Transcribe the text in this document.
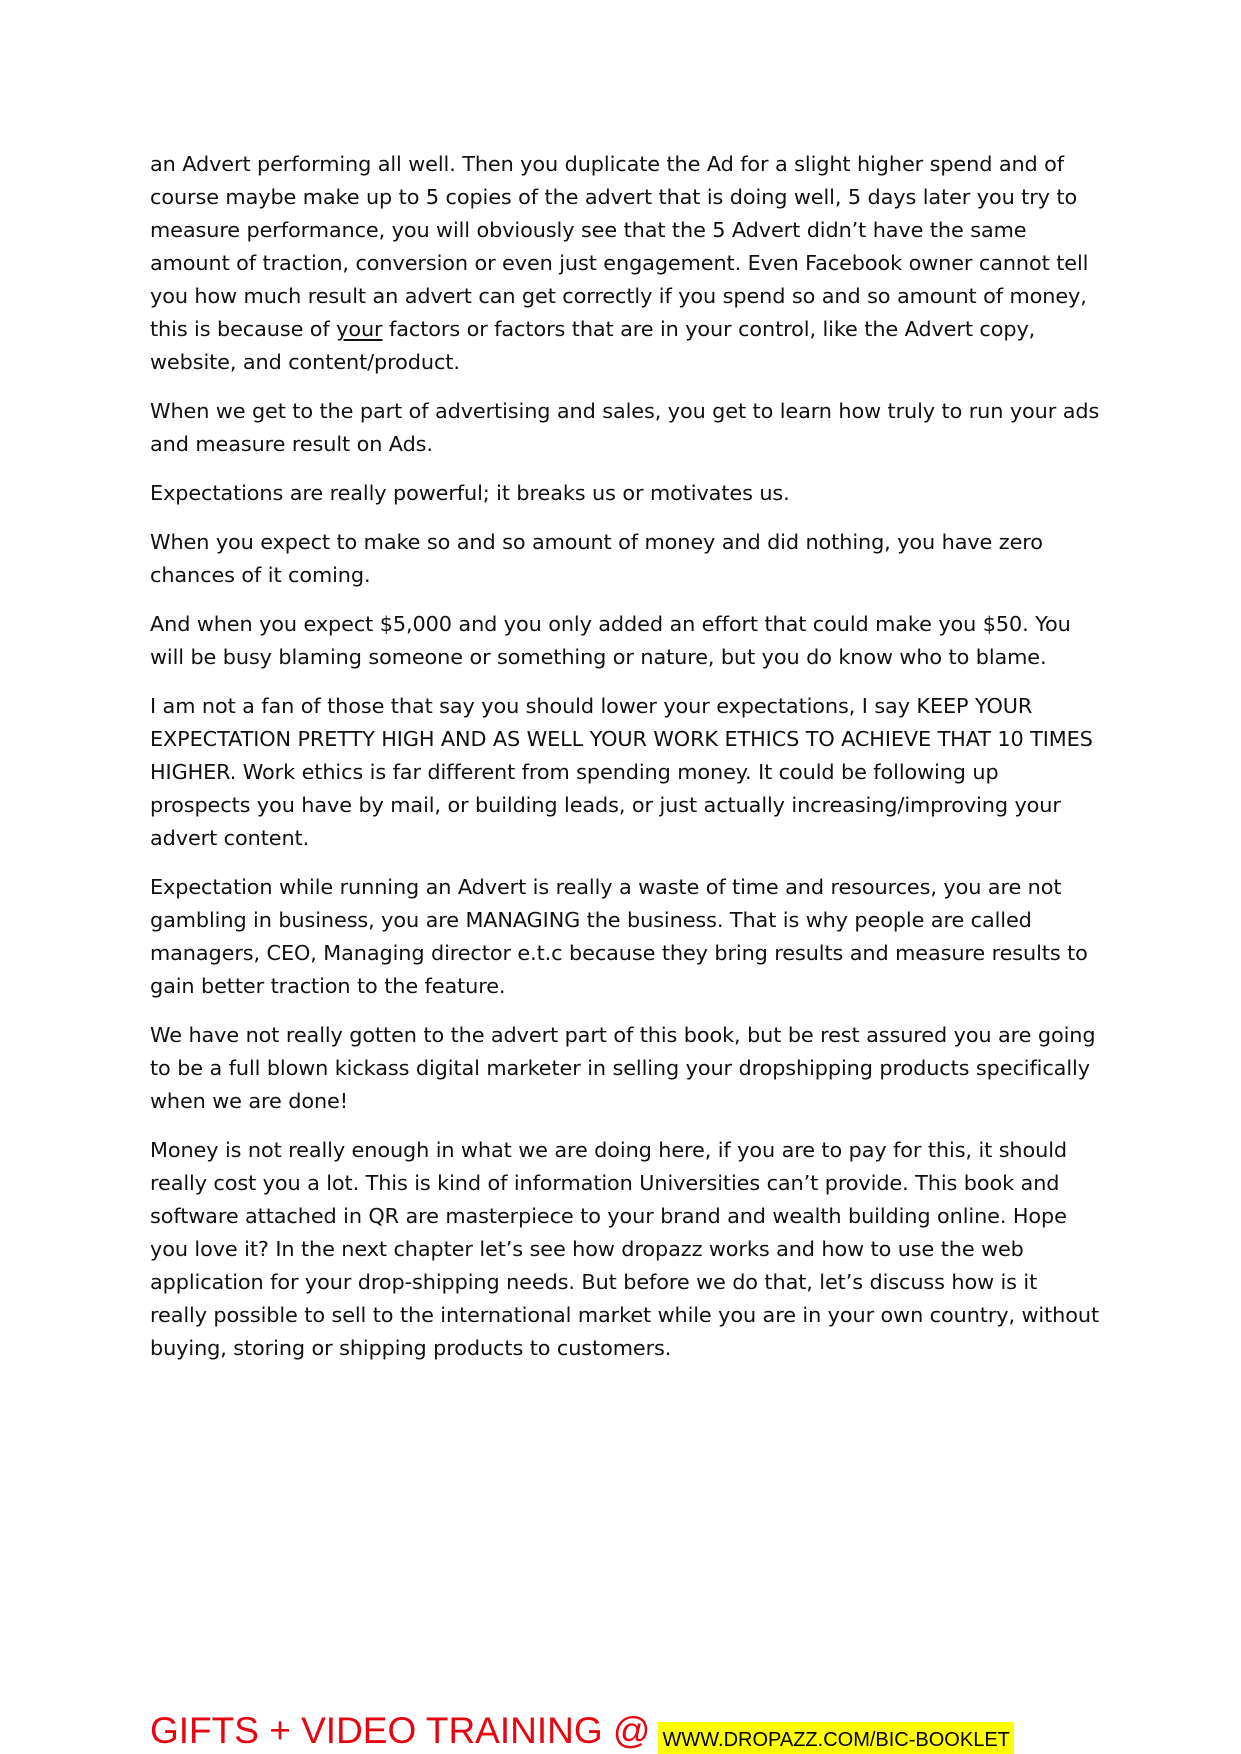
an Advert performing all well. Then you duplicate the Ad for a slight higher spend and of course maybe make up to 5 copies of the advert that is doing well, 5 days later you try to measure performance, you will obviously see that the 5 Advert didn’t have the same amount of traction, conversion or even just engagement. Even Facebook owner cannot tell you how much result an advert can get correctly if you spend so and so amount of money, this is because of your factors or factors that are in your control, like the Advert copy, website, and content/product.

When we get to the part of advertising and sales, you get to learn how truly to run your ads and measure result on Ads.

Expectations are really powerful; it breaks us or motivates us.

When you expect to make so and so amount of money and did nothing, you have zero chances of it coming.

And when you expect $5,000 and you only added an effort that could make you $50. You will be busy blaming someone or something or nature, but you do know who to blame.

I am not a fan of those that say you should lower your expectations, I say KEEP YOUR EXPECTATION PRETTY HIGH AND AS WELL YOUR WORK ETHICS TO ACHIEVE THAT 10 TIMES HIGHER. Work ethics is far different from spending money. It could be following up prospects you have by mail, or building leads, or just actually increasing/improving your advert content.

Expectation while running an Advert is really a waste of time and resources, you are not gambling in business, you are MANAGING the business. That is why people are called managers, CEO, Managing director e.t.c because they bring results and measure results to gain better traction to the feature.

We have not really gotten to the advert part of this book, but be rest assured you are going to be a full blown kickass digital marketer in selling your dropshipping products specifically when we are done!

Money is not really enough in what we are doing here, if you are to pay for this, it should really cost you a lot. This is kind of information Universities can’t provide. This book and software attached in QR are masterpiece to your brand and wealth building online. Hope you love it? In the next chapter let’s see how dropazz works and how to use the web application for your drop-shipping needs. But before we do that, let’s discuss how is it really possible to sell to the international market while you are in your own country, without buying, storing or shipping products to customers.

GIFTS + VIDEO TRAINING @ WWW.DROPAZZ.COM/BIC-BOOKLET
